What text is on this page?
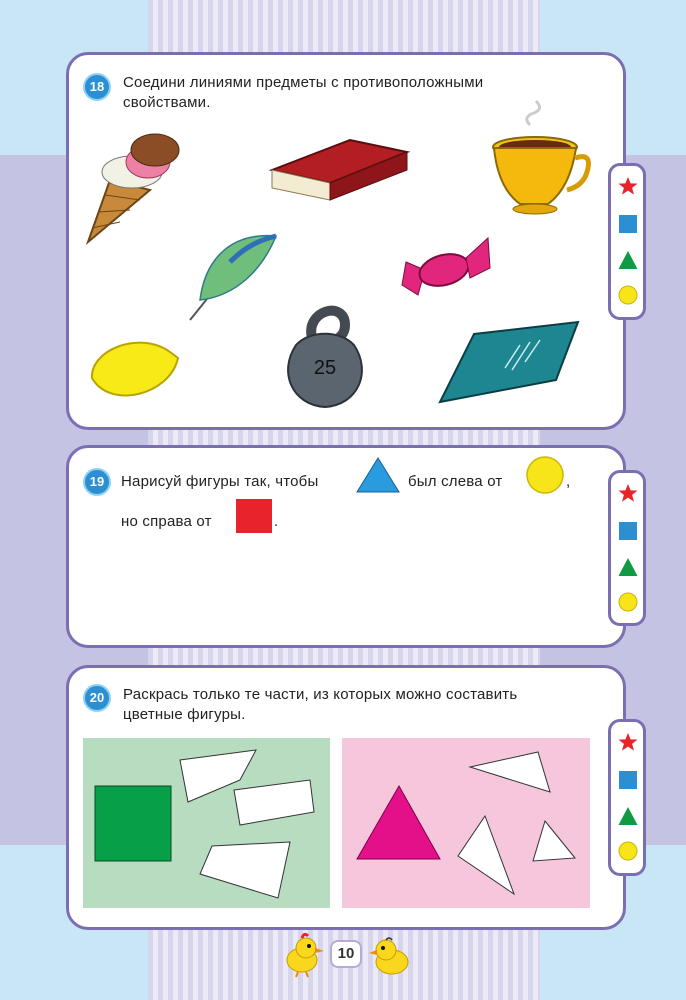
18	Соедини линиями предметы с противоположными свойствами.
25
19	Нарисуй фигуры так, чтобы	был слева от	,
но справа от	.
20	Раскрась только те части, из которых можно составить цветные фигуры.
10
